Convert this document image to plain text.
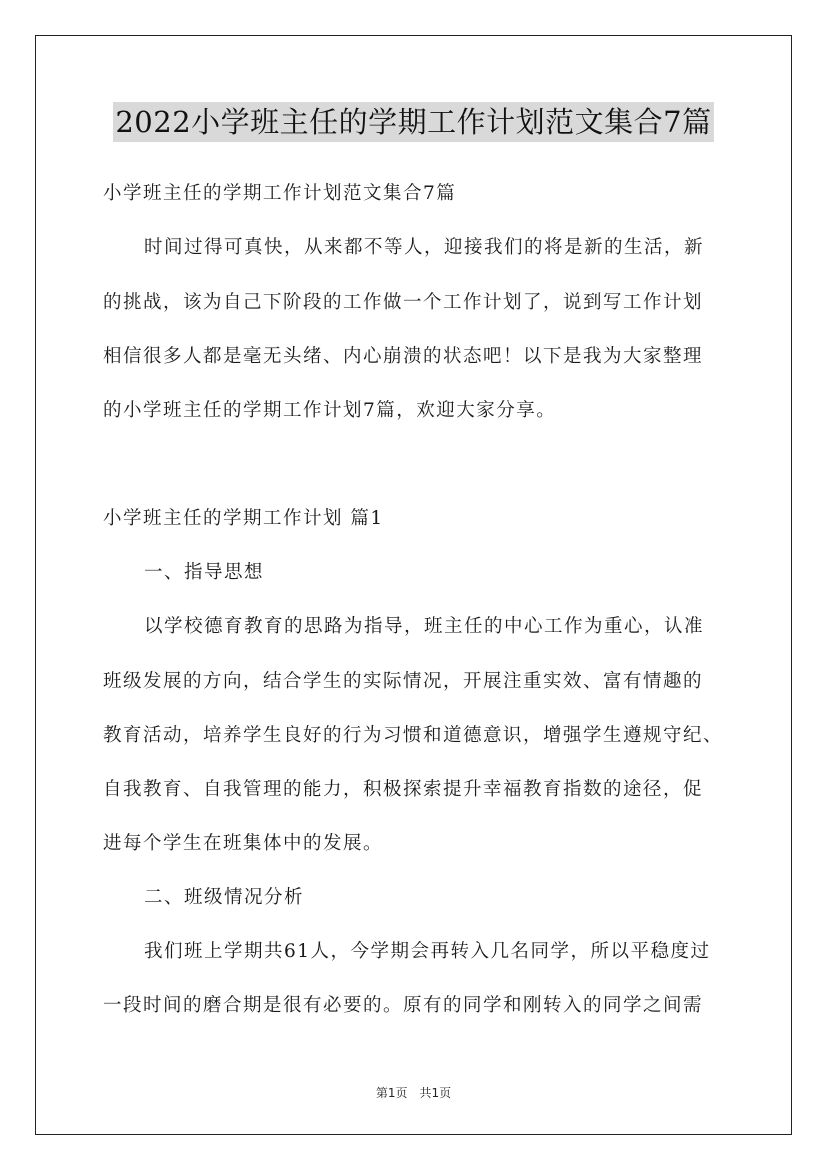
2022小学班主任的学期工作计划范文集合7篇
小学班主任的学期工作计划范文集合7篇
时间过得可真快，从来都不等人，迎接我们的将是新的生活，新
的挑战，该为自己下阶段的工作做一个工作计划了，说到写工作计划
相信很多人都是毫无头绪、内心崩溃的状态吧！以下是我为大家整理
的小学班主任的学期工作计划7篇，欢迎大家分享。
小学班主任的学期工作计划 篇1
一、指导思想
以学校德育教育的思路为指导，班主任的中心工作为重心，认准
班级发展的方向，结合学生的实际情况，开展注重实效、富有情趣的
教育活动，培养学生良好的行为习惯和道德意识，增强学生遵规守纪、
自我教育、自我管理的能力，积极探索提升幸福教育指数的途径，促
进每个学生在班集体中的发展。
二、班级情况分析
我们班上学期共61人，今学期会再转入几名同学，所以平稳度过
一段时间的磨合期是很有必要的。原有的同学和刚转入的同学之间需
第1页 共1页
